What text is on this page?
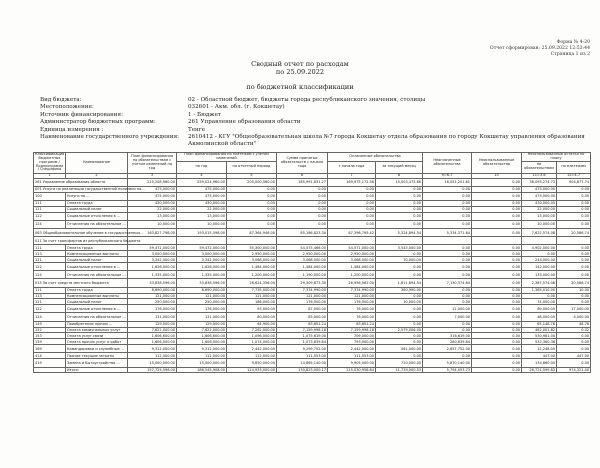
Форма № 4-20
Отчет сформирован: 25.09.2022 12:53:44
Страница 1 из 2
Сводный отчет по расходам
по 25.09.2022
по бюджетной классификации
Вид бюджета:	02 - Областной бюджет, бюджеты города республиканского значения, столицы
Местоположение:	032601 - Акм. обл. (г. Кокшетау)
Источник финансирования:	1 - Бюджет
Администратор бюджетных программ:	261 Управление образования области
Единица измерения :	Тенге
Наименование государственного учреждения:	2610412 - КГУ "Общеобразовательная школа №7 города Кокшетау отдела образования по городу Кокшетау управления образования Акмолинской области"
Классификация бюджетных программ / Подпрограмма / Специфика	Наименование	План финансирования по обязательствам с учетом изменений на год	План финансирования по платежам с учетом изменений		Сумма принятых обязательств с начала года	Оплаченные обязательства		Неоплаченные обязательства	Неиспользованные обязательства	Неиспользованные остатки по плану	
			на год	на отчетный период		с начала года	за текущий месяц			по обязательствам	по платежам
1	2	3	4	5	6	7	8	9=6-7	10	11=3-6	12=4-7
261 Управление образования области		215,208,960.00	259,024,960.00	205,000,560.00	185,991,831.27	169,975,172.56	15,003,475.66	16,051,201.81	0.00	38,095,274.73	904,877.74
001 Услуги по реализации государственной политики на...		475,000.00	475,000.00	0.00	0.00	0.00	0.00	0.00	0.00	475,000.00	0.00
100	Услуги по ...	475,000.00	475,000.00	0.00	0.00	0.00	0.00	0.00	0.00	475,000.00	0.00
111	Оплата труда	430,000.00	430,000.00	0.00	0.00	0.00	0.00	0.00	0.00	430,000.00	0.00
121	Социальный налог	22,000.00	22,000.00	0.00	0.00	0.00	0.00	0.00	0.00	22,000.00	0.00
122	Социальные отчисления в ...	13,000.00	13,000.00	0.00	0.00	0.00	0.00	0.00	0.00	13,000.00	0.00
124	Отчисления на обязательное ...	10,000.00	10,000.00	0.00	0.00	0.00	0.00	0.00	0.00	10,000.00	0.00
063 Общеобразовательное обучение в государственных...		163,827,798.00	193,015,598.00	87,364,946.00	85,186,823.30	87,396,795.42	5,324,894.54	5,334,371.64	0.00	7,622,574.08	20,586.74
011 За счет трансфертов из республиканского бюджета											
111	Оплата труда	59,472,000.00	59,472,000.00	55,300,000.00	54,575,466.00	54,571,000.00	3,543,000.00	0.00	0.00	4,902,000.00	0.00
113	Компенсационные выплаты	3,000,000.00	3,000,000.00	2,950,000.00	2,950,000.00	2,950,000.00	0.00	0.00	0.00	0.00	0.00
121	Социальный налог	3,342,000.00	3,342,000.00	3,068,000.00	3,068,000.00	3,068,000.00	70,000.00	0.00	0.00	244,000.00	0.00
122	Социальные отчисления в ...	1,626,000.00	1,626,000.00	1,484,000.00	1,484,000.00	1,484,000.00	0.00	0.00	0.00	142,000.00	0.00
124	Отчисления на обязательное ...	1,335,000.00	1,335,000.00	1,200,000.00	1,190,000.00	1,200,000.00	0.00	0.00	0.00	135,000.00	0.00
015 За счет средств местного бюджета		33,838,596.00	33,838,596.00	28,624,356.00	29,309,873.30	26,956,562.00	1,811,894.54	7,130,374.64	0.00	2,387,574.08	20,586.74
111	Оплата труда	8,690,000.00	8,690,000.00	7,735,000.00	7,374,990.00	7,374,990.00	360,990.00	0.00	0.00	1,365,010.00	10.00
113	Компенсационные выплаты	121,000.00	121,000.00	121,000.00	121,000.00	121,000.00	0.00	0.00	0.00	0.00	0.00
121	Социальный налог	250,000.00	250,000.00	186,000.00	176,000.00	176,000.00	10,000.00	0.00	0.00	74,000.00	0.00
122	Социальные отчисления в ...	176,000.00	176,000.00	93,000.00	87,000.00	76,000.00	0.00	11,000.00	0.00	89,000.00	17,000.00
124	Отчисления на обязательное ...	131,000.00	131,000.00	80,000.00	83,000.00	76,000.00	0.00	7,000.00	0.00	48,000.00	4,000.00
149	Приобретение прочих ...	129,000.00	129,000.00	64,900.00	63,851.24	63,851.24	0.00	0.00	0.00	65,148.76	48.76
152	Оплата коммунальных услуг	7,622,000.00	7,622,000.00	7,262,000.00	7,159,998.18	7,159,998.18	2,579,006.00	0.00	0.00	462,001.82	0.02
153	Оплата услуг связи	1,606,600.00	1,606,600.00	1,096,000.00	1,075,619.00	709,000.00	0.00	316,619.00	0.00	530,981.00	0.00
159	Оплата прочих услуг и работ	1,606,000.00	1,606,000.00	1,074,000.00	1,073,639.64	793,000.00	0.00	280,639.64	0.00	532,360.36	0.00
169	Командировки и служебные ...	9,312,000.00	9,312,000.00	2,442,000.00	9,299,752.00	2,442,000.00	561,000.00	2,857,752.00	0.00	12,248.00	0.00
414	Прочие текущие затраты	112,000.00	112,000.00	112,000.00	111,553.00	111,553.00	0.00	0.00	0.00	447.00	447.00
419	Замена и Бытоустройство ...	15,000,000.00	15,000,000.00	9,850,000.00	14,865,140.00	9,905,000.00	720,000.00	5,870,140.00	0.00	134,860.00	0.00
	Итого:	157,725,596.00	186,545,908.00	114,933,000.00	130,823,000.17	115,030,958.84	11,739,000.53	5,794,053.73	0.00	26,721,599.83	974,321.00
